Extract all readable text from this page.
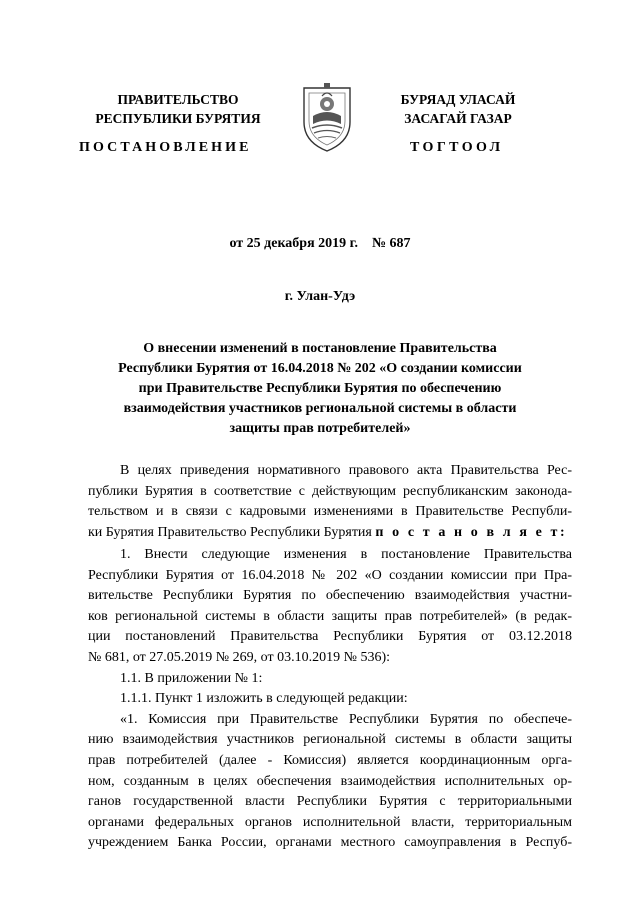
ПРАВИТЕЛЬСТВО
РЕСПУБЛИКИ БУРЯТИЯ
БУРЯАД УЛАСАЙ
ЗАСАГАЙ ГАЗАР
ПОСТАНОВЛЕНИЕ	ТОГТООЛ
от 25 декабря 2019 г. № 687
г. Улан-Удэ
О внесении изменений в постановление Правительства
Республики Бурятия от 16.04.2018 № 202 «О создании комиссии
при Правительстве Республики Бурятия по обеспечению
взаимодействия участников региональной системы в области
защиты прав потребителей»
В целях приведения нормативного правового акта Правительства Рес-
публики Бурятия в соответствие с действующим республиканским законода-
тельством и в связи с кадровыми изменениями в Правительстве Республи-
ки Бурятия Правительство Республики Бурятия п о с т а н о в л я е т:
1. Внести следующие изменения в постановление Правительства
Республики Бурятия от 16.04.2018 № 202 «О создании комиссии при Пра-
вительстве Республики Бурятия по обеспечению взаимодействия участни-
ков региональной системы в области защиты прав потребителей» (в редак-
ции постановлений Правительства Республики Бурятия от 03.12.2018
№ 681, от 27.05.2019 № 269, от 03.10.2019 № 536):
1.1. В приложении № 1:
1.1.1. Пункт 1 изложить в следующей редакции:
«1. Комиссия при Правительстве Республики Бурятия по обеспече-
нию взаимодействия участников региональной системы в области защиты
прав потребителей (далее - Комиссия) является координационным орга-
ном, созданным в целях обеспечения взаимодействия исполнительных ор-
ганов государственной власти Республики Бурятия с территориальными
органами федеральных органов исполнительной власти, территориальным
учреждением Банка России, органами местного самоуправления в Респуб-
